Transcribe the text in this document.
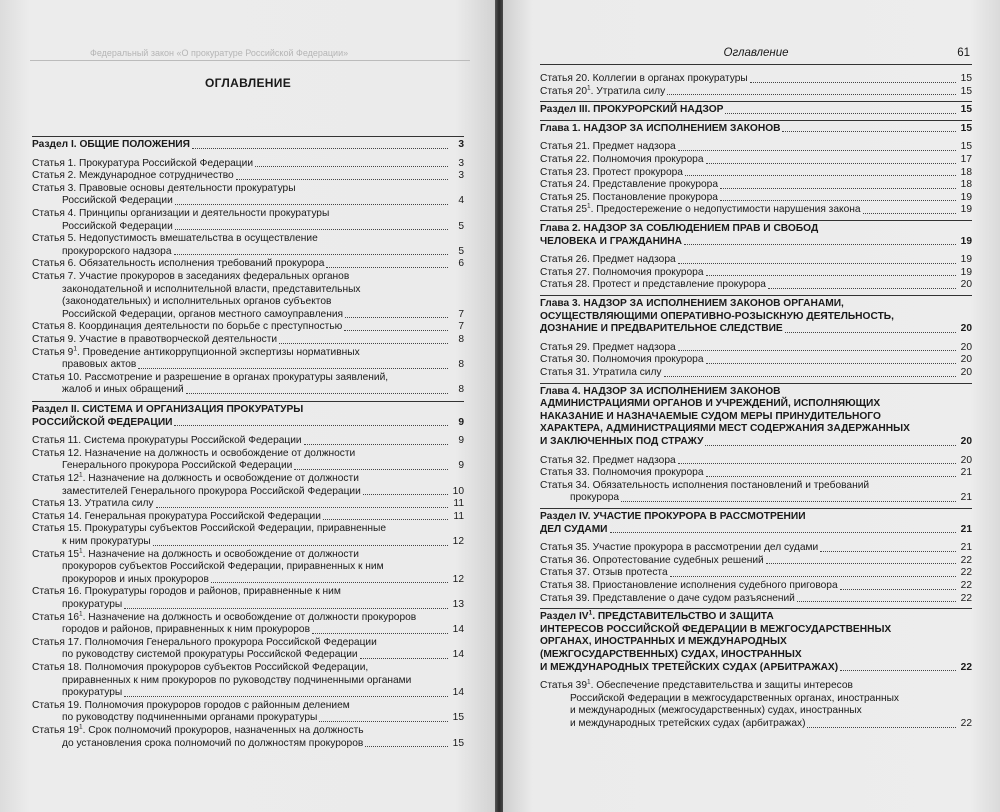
Федеральный закон «О прокуратуре Российской Федерации»
ОГЛАВЛЕНИЕ
Раздел I. ОБЩИЕ ПОЛОЖЕНИЯ	3
Статья 1. Прокуратура Российской Федерации	3
Статья 2. Международное сотрудничество	3
Статья 3. Правовые основы деятельности прокуратуры
Российской Федерации	4
Статья 4. Принципы организации и деятельности прокуратуры
Российской Федерации	5
Статья 5. Недопустимость вмешательства в осуществление
прокурорского надзора	5
Статья 6. Обязательность исполнения требований прокурора	6
Статья 7. Участие прокуроров в заседаниях федеральных органов
законодательной и исполнительной власти, представительных
(законодательных) и исполнительных органов субъектов
Российской Федерации, органов местного самоуправления	7
Статья 8. Координация деятельности по борьбе с преступностью	7
Статья 9. Участие в правотворческой деятельности	8
Статья $9^1$. Проведение антикоррупционной экспертизы нормативных
правовых актов	8
Статья 10. Рассмотрение и разрешение в органах прокуратуры заявлений,
жалоб и иных обращений	8
Раздел II. СИСТЕМА И ОРГАНИЗАЦИЯ ПРОКУРАТУРЫ
РОССИЙСКОЙ ФЕДЕРАЦИИ	9
Статья 11. Система прокуратуры Российской Федерации	9
Статья 12. Назначение на должность и освобождение от должности
Генерального прокурора Российской Федерации	9
Статья $12^1$. Назначение на должность и освобождение от должности
заместителей Генерального прокурора Российской Федерации	10
Статья 13. Утратила силу	11
Статья 14. Генеральная прокуратура Российской Федерации	11
Статья 15. Прокуратуры субъектов Российской Федерации, приравненные
к ним прокуратуры	12
Статья $15^1$. Назначение на должность и освобождение от должности
прокуроров субъектов Российской Федерации, приравненных к ним
прокуроров и иных прокуроров	12
Статья 16. Прокуратуры городов и районов, приравненные к ним
прокуратуры	13
Статья $16^1$. Назначение на должность и освобождение от должности прокуроров
городов и районов, приравненных к ним прокуроров	14
Статья 17. Полномочия Генерального прокурора Российской Федерации
по руководству системой прокуратуры Российской Федерации	14
Статья 18. Полномочия прокуроров субъектов Российской Федерации,
приравненных к ним прокуроров по руководству подчиненными органами
прокуратуры	14
Статья 19. Полномочия прокуроров городов с районным делением
по руководству подчиненными органами прокуратуры	15
Статья $19^1$. Срок полномочий прокуроров, назначенных на должность
до установления срока полномочий по должностям прокуроров	15
Оглавление	61
Статья 20. Коллегии в органах прокуратуры	15
Статья $20^1$. Утратила силу	15
Раздел III. ПРОКУРОРСКИЙ НАДЗОР	15
Глава 1. НАДЗОР ЗА ИСПОЛНЕНИЕМ ЗАКОНОВ	15
Статья 21. Предмет надзора	15
Статья 22. Полномочия прокурора	17
Статья 23. Протест прокурора	18
Статья 24. Представление прокурора	18
Статья 25. Постановление прокурора	19
Статья $25^1$. Предостережение о недопустимости нарушения закона	19
Глава 2. НАДЗОР ЗА СОБЛЮДЕНИЕМ ПРАВ И СВОБОД
ЧЕЛОВЕКА И ГРАЖДАНИНА	19
Статья 26. Предмет надзора	19
Статья 27. Полномочия прокурора	19
Статья 28. Протест и представление прокурора	20
Глава 3. НАДЗОР ЗА ИСПОЛНЕНИЕМ ЗАКОНОВ ОРГАНАМИ,
ОСУЩЕСТВЛЯЮЩИМИ ОПЕРАТИВНО-РОЗЫСКНУЮ ДЕЯТЕЛЬНОСТЬ,
ДОЗНАНИЕ И ПРЕДВАРИТЕЛЬНОЕ СЛЕДСТВИЕ	20
Статья 29. Предмет надзора	20
Статья 30. Полномочия прокурора	20
Статья 31. Утратила силу	20
Глава 4. НАДЗОР ЗА ИСПОЛНЕНИЕМ ЗАКОНОВ
АДМИНИСТРАЦИЯМИ ОРГАНОВ И УЧРЕЖДЕНИЙ, ИСПОЛНЯЮЩИХ
НАКАЗАНИЕ И НАЗНАЧАЕМЫЕ СУДОМ МЕРЫ ПРИНУДИТЕЛЬНОГО
ХАРАКТЕРА, АДМИНИСТРАЦИЯМИ МЕСТ СОДЕРЖАНИЯ ЗАДЕРЖАННЫХ
И ЗАКЛЮЧЕННЫХ ПОД СТРАЖУ	20
Статья 32. Предмет надзора	20
Статья 33. Полномочия прокурора	21
Статья 34. Обязательность исполнения постановлений и требований
прокурора	21
Раздел IV. УЧАСТИЕ ПРОКУРОРА В РАССМОТРЕНИИ
ДЕЛ СУДАМИ	21
Статья 35. Участие прокурора в рассмотрении дел судами	21
Статья 36. Опротестование судебных решений	22
Статья 37. Отзыв протеста	22
Статья 38. Приостановление исполнения судебного приговора	22
Статья 39. Представление о даче судом разъяснений	22
Раздел $IV^1$. ПРЕДСТАВИТЕЛЬСТВО И ЗАЩИТА
ИНТЕРЕСОВ РОССИЙСКОЙ ФЕДЕРАЦИИ В МЕЖГОСУДАРСТВЕННЫХ
ОРГАНАХ, ИНОСТРАННЫХ И МЕЖДУНАРОДНЫХ
(МЕЖГОСУДАРСТВЕННЫХ) СУДАХ, ИНОСТРАННЫХ
И МЕЖДУНАРОДНЫХ ТРЕТЕЙСКИХ СУДАХ (АРБИТРАЖАХ)	22
Статья $39^1$. Обеспечение представительства и защиты интересов
Российской Федерации в межгосударственных органах, иностранных
и международных (межгосударственных) судах, иностранных
и международных третейских судах (арбитражах)	22
